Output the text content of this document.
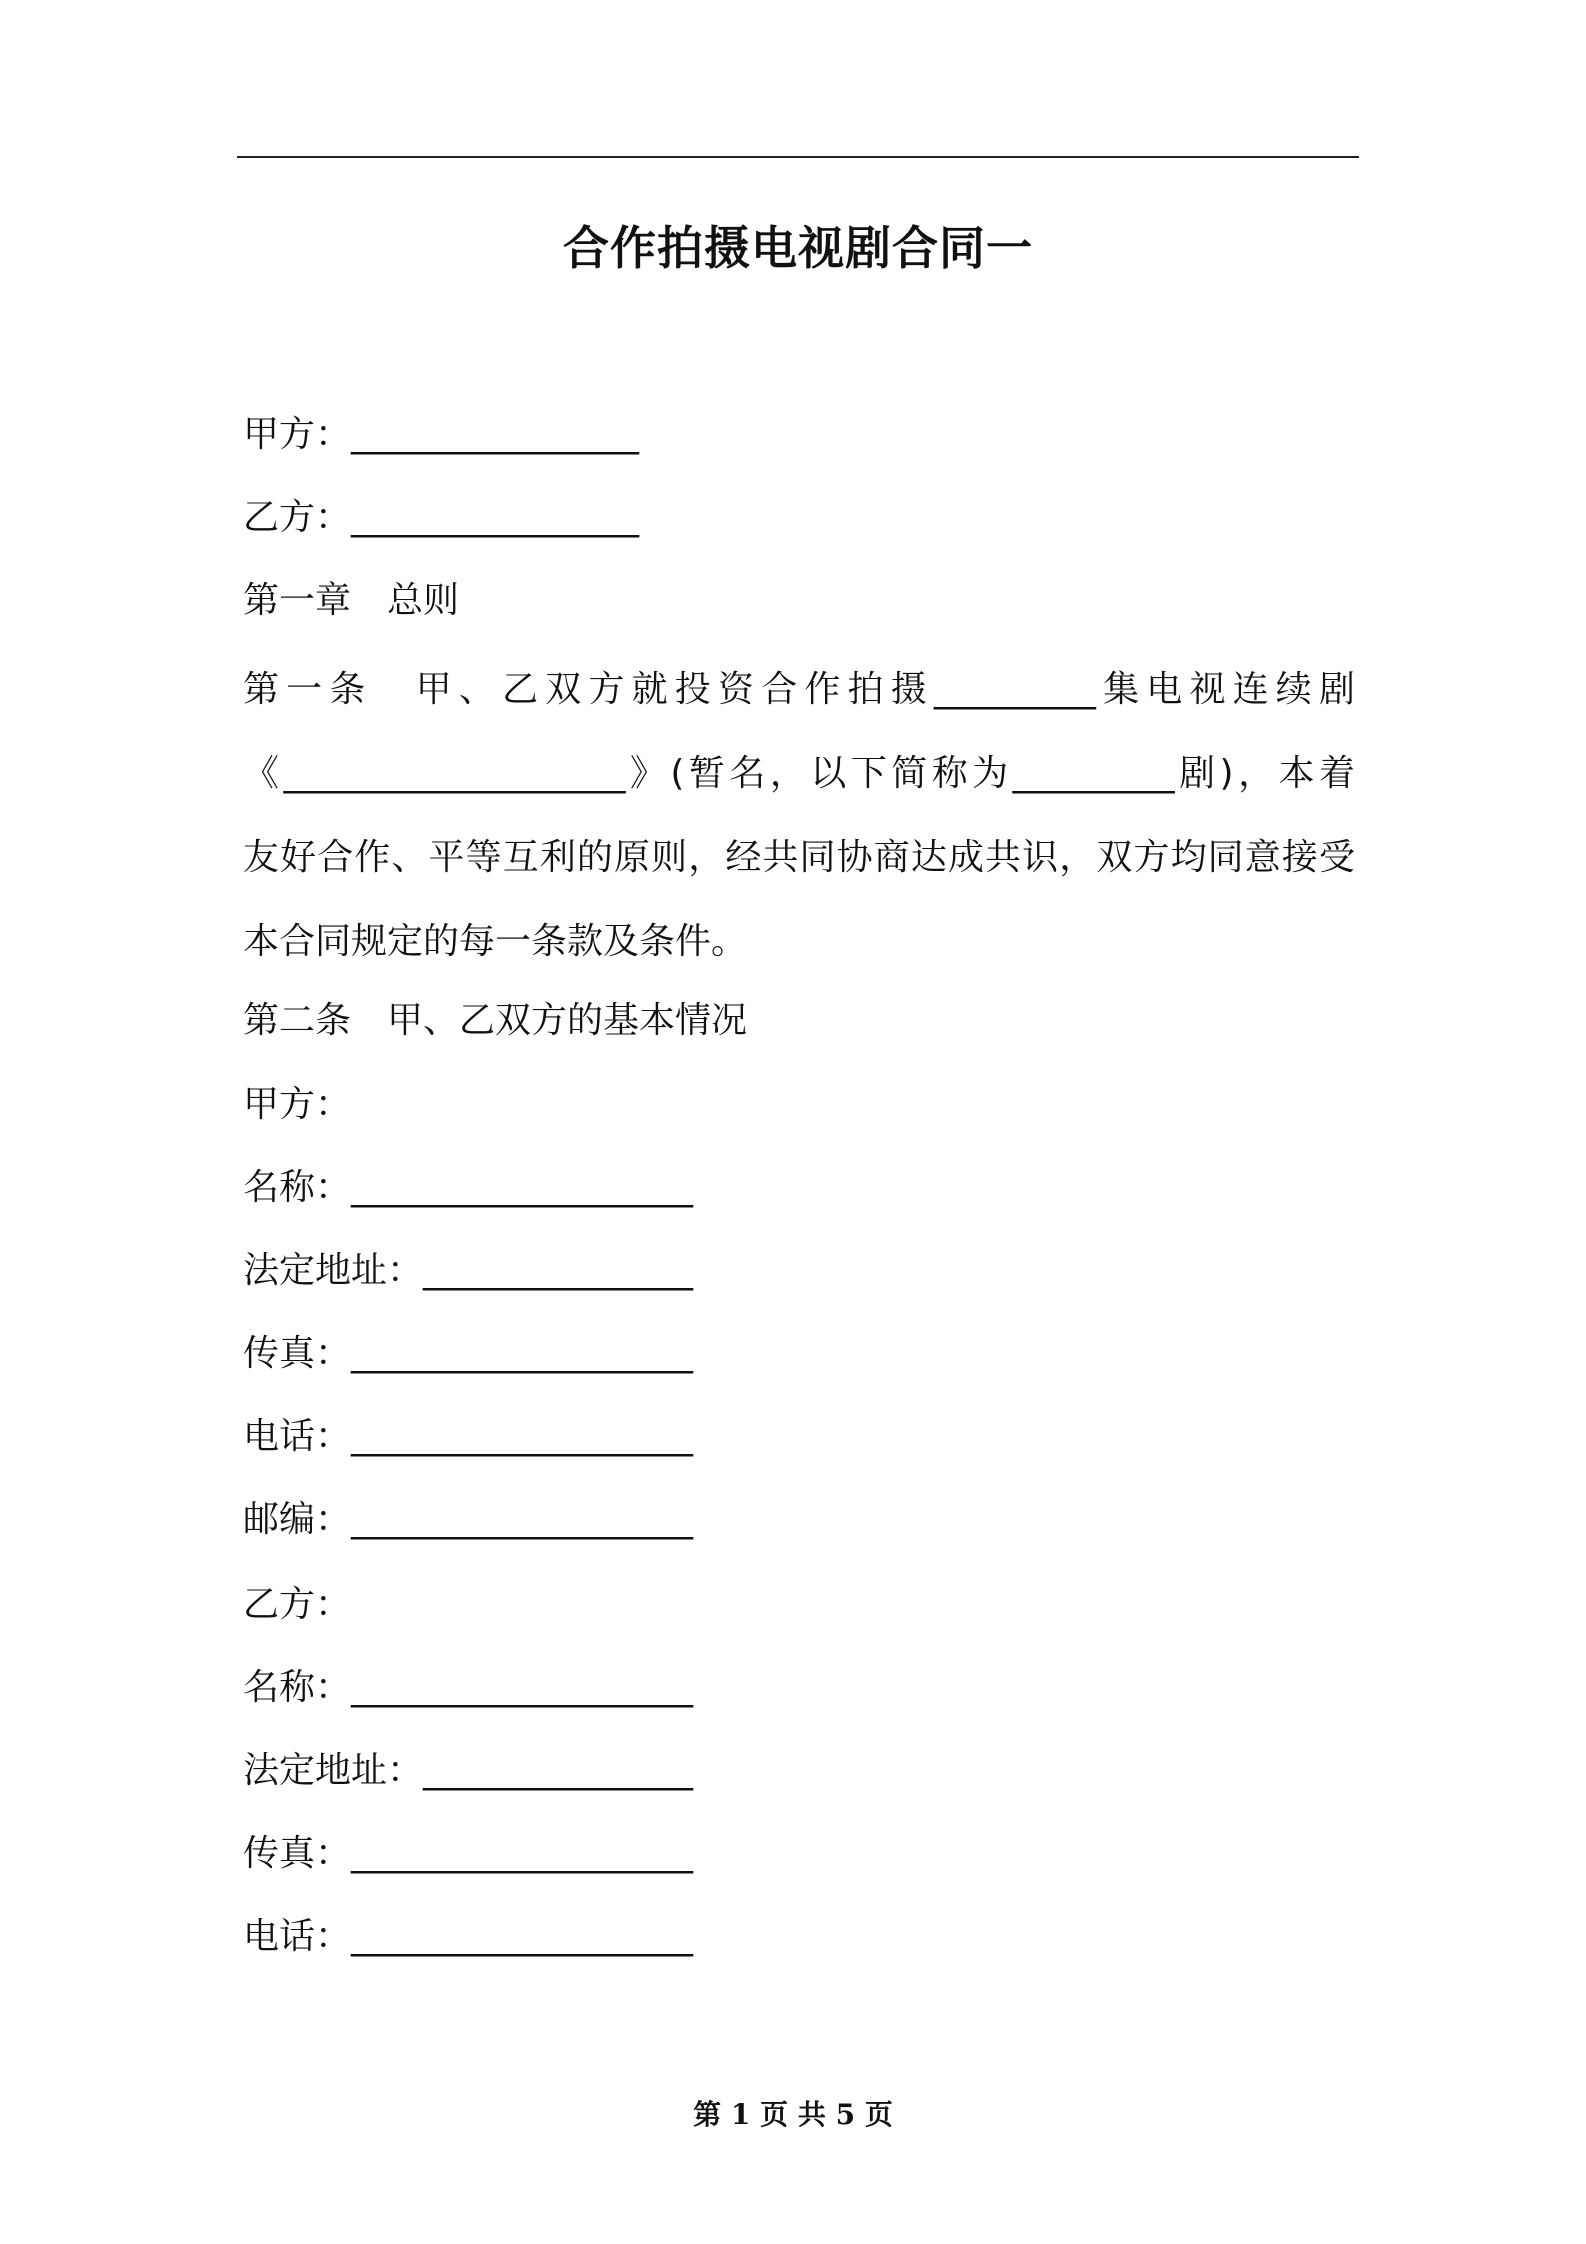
合作拍摄电视剧合同一
甲方：________________
乙方：________________
第一章　总则
第一条　甲、乙双方就投资合作拍摄_________集电视连续剧
《___________________》(暂名，以下简称为_________剧)，本着
友好合作、平等互利的原则，经共同协商达成共识，双方均同意接受
本合同规定的每一条款及条件。
第二条　甲、乙双方的基本情况
甲方：
名称：___________________
法定地址：_______________
传真：___________________
电话：___________________
邮编：___________________
乙方：
名称：___________________
法定地址：_______________
传真：___________________
电话：___________________
第 1 页 共 5 页
